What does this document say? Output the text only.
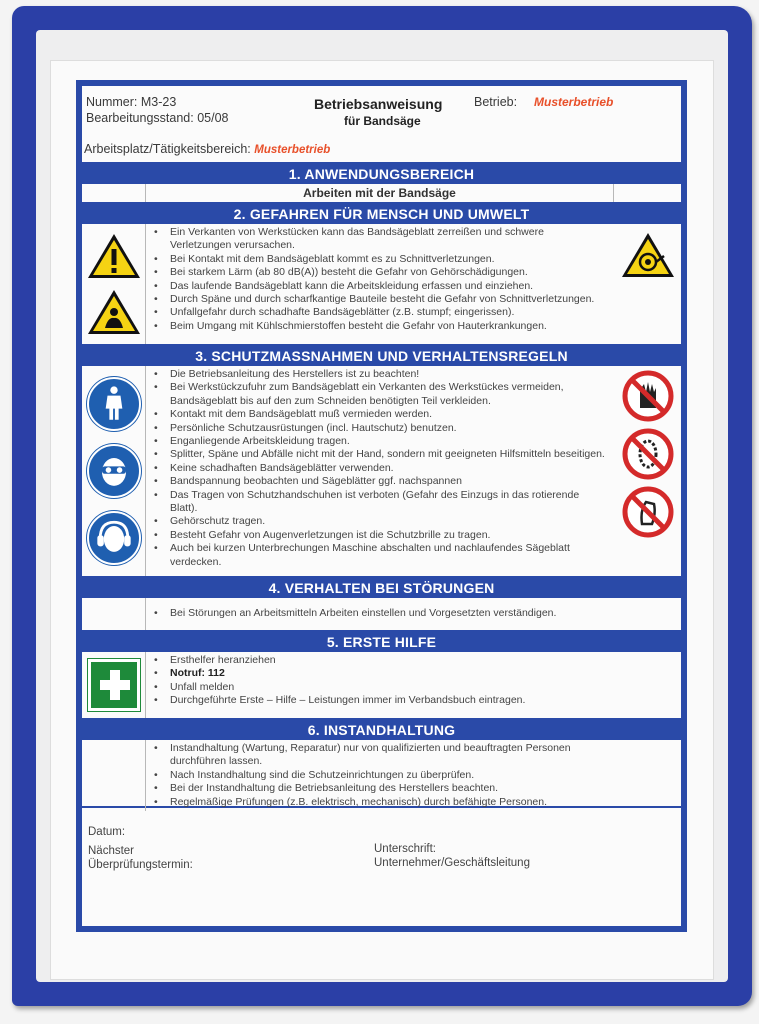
Nummer: M3-23
Bearbeitungsstand: 05/08
Betriebsanweisung
für Bandsäge
Betrieb: Musterbetrieb
Arbeitsplatz/Tätigkeitsbereich: Musterbetrieb
1. ANWENDUNGSBEREICH
Arbeiten mit der Bandsäge
2. GEFAHREN FÜR MENSCH UND UMWELT
• Ein Verkanten von Werkstücken kann das Bandsägeblatt zerreißen und schwere Verletzungen verursachen.
• Bei Kontakt mit dem Bandsägeblatt kommt es zu Schnittverletzungen.
• Bei starkem Lärm (ab 80 dB(A)) besteht die Gefahr von Gehörschädigungen.
• Das laufende Bandsägeblatt kann die Arbeitskleidung erfassen und einziehen.
• Durch Späne und durch scharfkantige Bauteile besteht die Gefahr von Schnittverletzungen.
• Unfallgefahr durch schadhafte Bandsägeblätter (z.B. stumpf; eingerissen).
• Beim Umgang mit Kühlschmierstoffen besteht die Gefahr von Hauterkrankungen.
3. SCHUTZMASSNAHMEN UND VERHALTENSREGELN
• Die Betriebsanleitung des Herstellers ist zu beachten!
• Bei Werkstückzufuhr zum Bandsägeblatt ein Verkanten des Werkstückes vermeiden, Bandsägeblatt bis auf den zum Schneiden benötigten Teil verkleiden.
• Kontakt mit dem Bandsägeblatt muß vermieden werden.
• Persönliche Schutzausrüstungen (incl. Hautschutz) benutzen.
• Enganliegende Arbeitskleidung tragen.
• Splitter, Späne und Abfälle nicht mit der Hand, sondern mit geeigneten Hilfsmitteln beseitigen.
• Keine schadhaften Bandsägeblätter verwenden.
• Bandspannung beobachten und Sägeblätter ggf. nachspannen
• Das Tragen von Schutzhandschuhen ist verboten (Gefahr des Einzugs in das rotierende Blatt).
• Gehörschutz tragen.
• Besteht Gefahr von Augenverletzungen ist die Schutzbrille zu tragen.
• Auch bei kurzen Unterbrechungen Maschine abschalten und nachlaufendes Sägeblatt verdecken.
4. VERHALTEN BEI STÖRUNGEN
• Bei Störungen an Arbeitsmitteln Arbeiten einstellen und Vorgesetzten verständigen.
5. ERSTE HILFE
• Ersthelfer heranziehen
• Notruf: 112
• Unfall melden
• Durchgeführte Erste – Hilfe – Leistungen immer im Verbandsbuch eintragen.
6. INSTANDHALTUNG
• Instandhaltung (Wartung, Reparatur) nur von qualifizierten und beauftragten Personen durchführen lassen.
• Nach Instandhaltung sind die Schutzeinrichtungen zu überprüfen.
• Bei der Instandhaltung die Betriebsanleitung des Herstellers beachten.
• Regelmäßige Prüfungen (z.B. elektrisch, mechanisch) durch befähigte Personen.
Datum:
Nächster
Überprüfungstermin:
Unterschrift:
Unternehmer/Geschäftsleitung
